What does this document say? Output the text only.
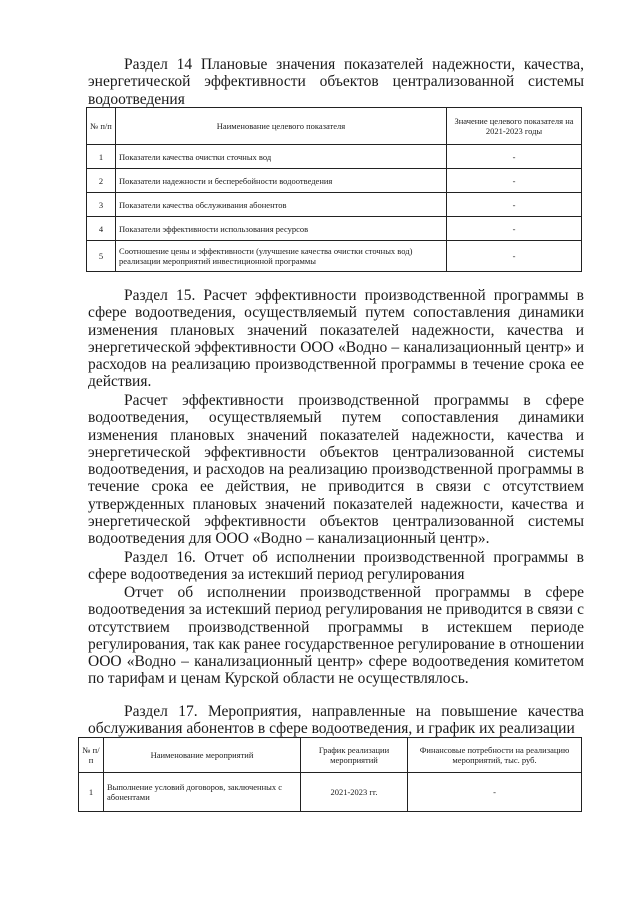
Раздел 14 Плановые значения показателей надежности, качества, энергетической эффективности объектов централизованной системы водоотведения

№ п/п	Наименование целевого показателя	Значение целевого показателя на 2021-2023 годы
1	Показатели качества очистки сточных вод	-
2	Показатели надежности и бесперебойности водоотведения	-
3	Показатели качества обслуживания абонентов	-
4	Показатели эффективности использования ресурсов	-
5	Соотношение цены и эффективности (улучшение качества очистки сточных вод) реализации мероприятий инвестиционной программы	-

Раздел 15. Расчет эффективности производственной программы в сфере водоотведения, осуществляемый путем сопоставления динамики изменения плановых значений показателей надежности, качества и энергетической эффективности ООО «Водно – канализационный центр» и расходов на реализацию производственной программы в течение срока ее действия.

Расчет эффективности производственной программы в сфере водоотведения, осуществляемый путем сопоставления динамики изменения плановых значений показателей надежности, качества и энергетической эффективности объектов централизованной системы водоотведения, и расходов на реализацию производственной программы в течение срока ее действия, не приводится в связи с отсутствием утвержденных плановых значений показателей надежности, качества и энергетической эффективности объектов централизованной системы водоотведения для ООО «Водно – канализационный центр».

Раздел 16. Отчет об исполнении производственной программы в сфере водоотведения за истекший период регулирования

Отчет об исполнении производственной программы в сфере водоотведения за истекший период регулирования не приводится в связи с отсутствием производственной программы в истекшем периоде регулирования, так как ранее государственное регулирование в отношении ООО «Водно – канализационный центр» сфере водоотведения комитетом по тарифам и ценам Курской области не осуществлялось.

Раздел 17. Мероприятия, направленные на повышение качества обслуживания абонентов в сфере водоотведения, и график их реализации

№ п/п	Наименование мероприятий	График реализации мероприятий	Финансовые потребности на реализацию мероприятий, тыс. руб.
1	Выполнение условий договоров, заключенных с абонентами	2021-2023 гг.	-
